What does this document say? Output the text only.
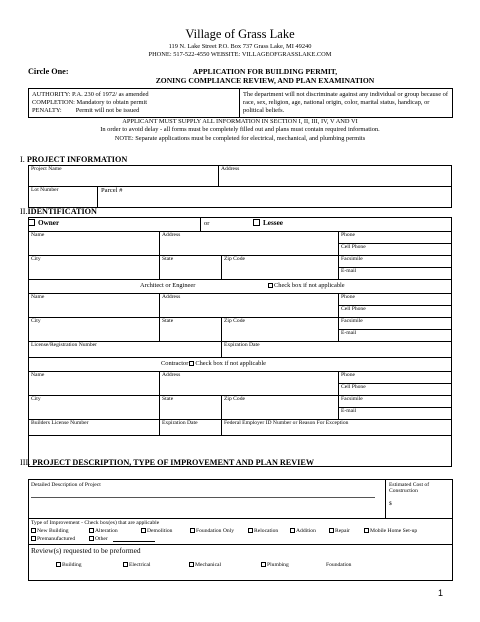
Village of Grass Lake
119 N. Lake Street P.O. Box 737 Grass Lake, MI 49240
PHONE: 517-522-4550 WEBSITE: VILLAGEOFGRASSLAKE.COM
Circle One:	APPLICATION FOR BUILDING PERMIT,
ZONING COMPLIANCE REVIEW, AND PLAN EXAMINATION
AUTHORITY: P.A. 230 of 1972/ as amended
COMPLETION: Mandatory to obtain permit
PENALTY: Permit will not be issued
The department will not discriminate against any individual or group because of race, sex, religion, age, national origin, color, marital status, handicap, or political beliefs.
APPLICANT MUST SUPPLY ALL INFORMATION IN SECTION I, II, III, IV, V AND VI
In order to avoid delay - all forms must be completely filled out and plans must contain required information.
NOTE: Separate applications must be completed for electrical, mechanical, and plumbing permits
I. PROJECT INFORMATION
Project Name	Address

Lot Number	Parcel #
II.IDENTIFICATION
Owner	or	Lessee
Name	Address		Phone
			Cell Phone
City	State	Zip Code	Facsimile
			E-mail
Architect or Engineer	Check box if not applicable
Name	Address		Phone
			Cell Phone
City	State	Zip Code	Facsimile
			E-mail
License/Registration Number		Expiration Date	
Contractor Check box if not applicable
Name	Address		Phone
			Cell Phone
City	State	Zip Code	Facsimile
			E-mail
Builders License Number	Expiration Date	Federal Employer ID Number or Reason For Exception	
III. PROJECT DESCRIPTION, TYPE OF IMPROVEMENT AND PLAN REVIEW
Detailed Description of Project	Estimated Cost of
Construction
$
Type of Improvement - Check box(es) that are applicable
New Building	Alteration	Demolition	Foundation Only	Relocation	Addition	Repair	Mobile Home Set-up
Premanufactured	Other
Review(s) requested to be preformed
Building	Electrical	Mechanical	Plumbing	Foundation
1
